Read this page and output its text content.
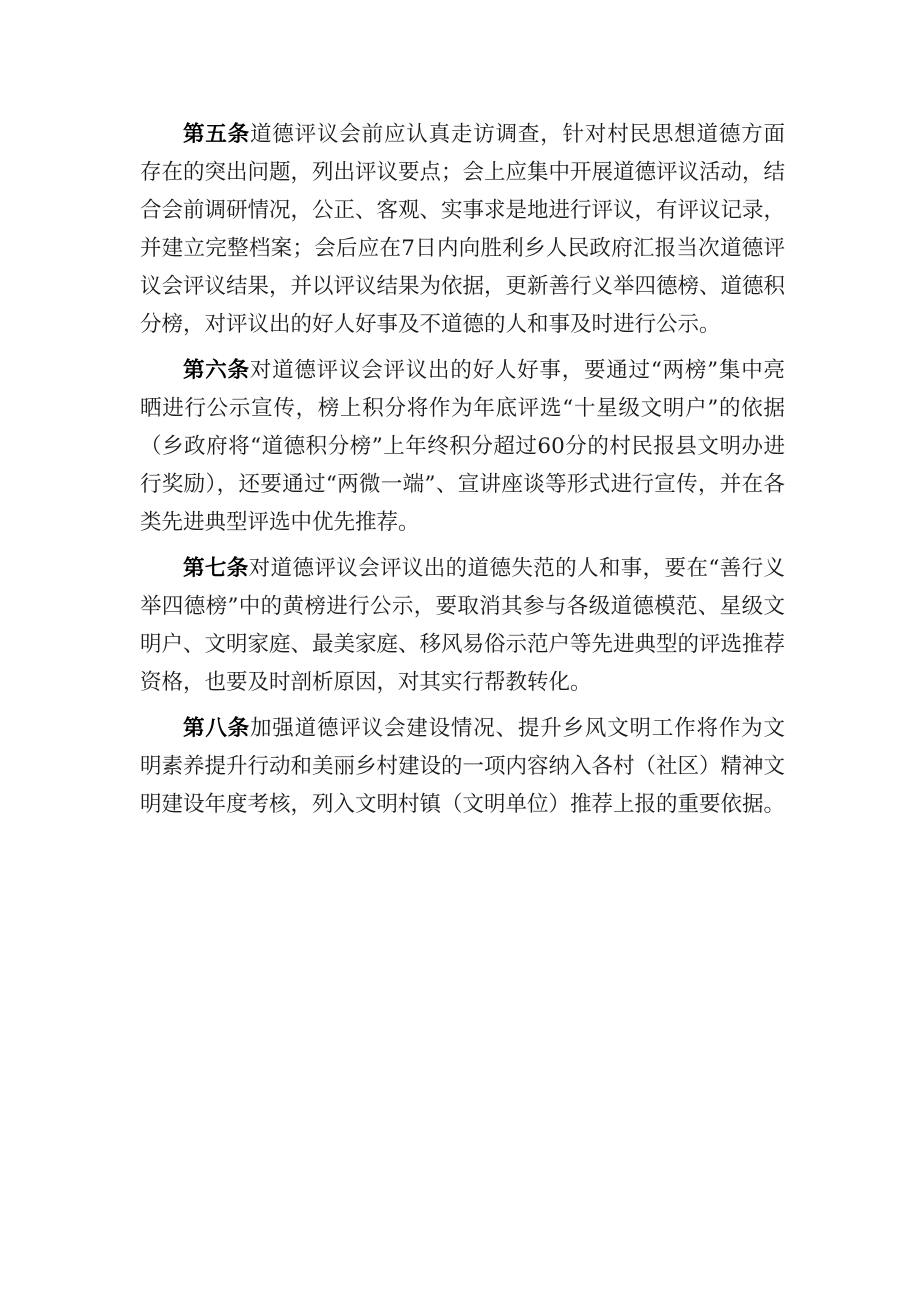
第五条道德评议会前应认真走访调查，针对村民思想道德方面存在的突出问题，列出评议要点；会上应集中开展道德评议活动，结合会前调研情况，公正、客观、实事求是地进行评议，有评议记录，并建立完整档案；会后应在7日内向胜利乡人民政府汇报当次道德评议会评议结果，并以评议结果为依据，更新善行义举四德榜、道德积分榜，对评议出的好人好事及不道德的人和事及时进行公示。

第六条对道德评议会评议出的好人好事，要通过“两榜”集中亮晒进行公示宣传，榜上积分将作为年底评选“十星级文明户”的依据（乡政府将“道德积分榜”上年终积分超过60分的村民报县文明办进行奖励），还要通过“两微一端”、宣讲座谈等形式进行宣传，并在各类先进典型评选中优先推荐。

第七条对道德评议会评议出的道德失范的人和事，要在“善行义举四德榜”中的黄榜进行公示，要取消其参与各级道德模范、星级文明户、文明家庭、最美家庭、移风易俗示范户等先进典型的评选推荐资格，也要及时剖析原因，对其实行帮教转化。

第八条加强道德评议会建设情况、提升乡风文明工作将作为文明素养提升行动和美丽乡村建设的一项内容纳入各村（社区）精神文明建设年度考核，列入文明村镇（文明单位）推荐上报的重要依据。
